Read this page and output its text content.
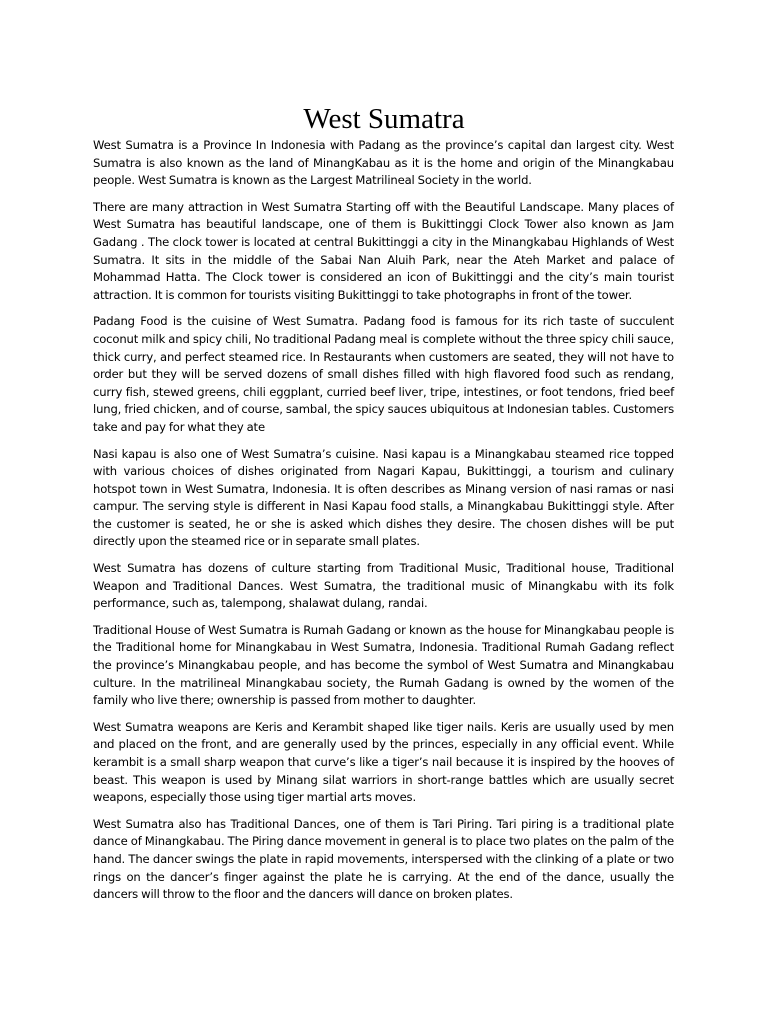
West Sumatra

West Sumatra is a Province In Indonesia with Padang as the province’s capital dan largest city. West Sumatra is also known as the land of MinangKabau as it is the home and origin of the Minangkabau people. West Sumatra is known as the Largest Matrilineal Society in the world.

There are many attraction in West Sumatra Starting off with the Beautiful Landscape. Many places of West Sumatra has beautiful landscape, one of them is Bukittinggi Clock Tower also known as Jam Gadang . The clock tower is located at central Bukittinggi a city in the Minangkabau Highlands of West Sumatra. It sits in the middle of the Sabai Nan Aluih Park, near the Ateh Market and palace of Mohammad Hatta. The Clock tower is considered an icon of Bukittinggi and the city’s main tourist attraction. It is common for tourists visiting Bukittinggi to take photographs in front of the tower.

Padang Food is the cuisine of West Sumatra. Padang food is famous for its rich taste of succulent coconut milk and spicy chili, No traditional Padang meal is complete without the three spicy chili sauce, thick curry, and perfect steamed rice. In Restaurants when customers are seated, they will not have to order but they will be served dozens of small dishes filled with high flavored food such as rendang, curry fish, stewed greens, chili eggplant, curried beef liver, tripe, intestines, or foot tendons, fried beef lung, fried chicken, and of course, sambal, the spicy sauces ubiquitous at Indonesian tables. Customers take and pay for what they ate

Nasi kapau is also one of West Sumatra’s cuisine. Nasi kapau is a Minangkabau steamed rice topped with various choices of dishes originated from Nagari Kapau, Bukittinggi, a tourism and culinary hotspot town in West Sumatra, Indonesia. It is often describes as Minang version of nasi ramas or nasi campur. The serving style is different in Nasi Kapau food stalls, a Minangkabau Bukittinggi style. After the customer is seated, he or she is asked which dishes they desire. The chosen dishes will be put directly upon the steamed rice or in separate small plates.

West Sumatra has dozens of culture starting from Traditional Music, Traditional house, Traditional Weapon and Traditional Dances. West Sumatra, the traditional music of Minangkabu with its folk performance, such as, talempong, shalawat dulang, randai.

Traditional House of West Sumatra is Rumah Gadang or known as the house for Minangkabau people is the Traditional home for Minangkabau in West Sumatra, Indonesia. Traditional Rumah Gadang reflect the province’s Minangkabau people, and has become the symbol of West Sumatra and Minangkabau culture. In the matrilineal Minangkabau society, the Rumah Gadang is owned by the women of the family who live there; ownership is passed from mother to daughter.

West Sumatra weapons are Keris and Kerambit shaped like tiger nails. Keris are usually used by men and placed on the front, and are generally used by the princes, especially in any official event. While kerambit is a small sharp weapon that curve’s like a tiger’s nail because it is inspired by the hooves of beast. This weapon is used by Minang silat warriors in short-range battles which are usually secret weapons, especially those using tiger martial arts moves.

West Sumatra also has Traditional Dances, one of them is Tari Piring. Tari piring is a traditional plate dance of Minangkabau. The Piring dance movement in general is to place two plates on the palm of the hand. The dancer swings the plate in rapid movements, interspersed with the clinking of a plate or two rings on the dancer’s finger against the plate he is carrying. At the end of the dance, usually the dancers will throw to the floor and the dancers will dance on broken plates.
